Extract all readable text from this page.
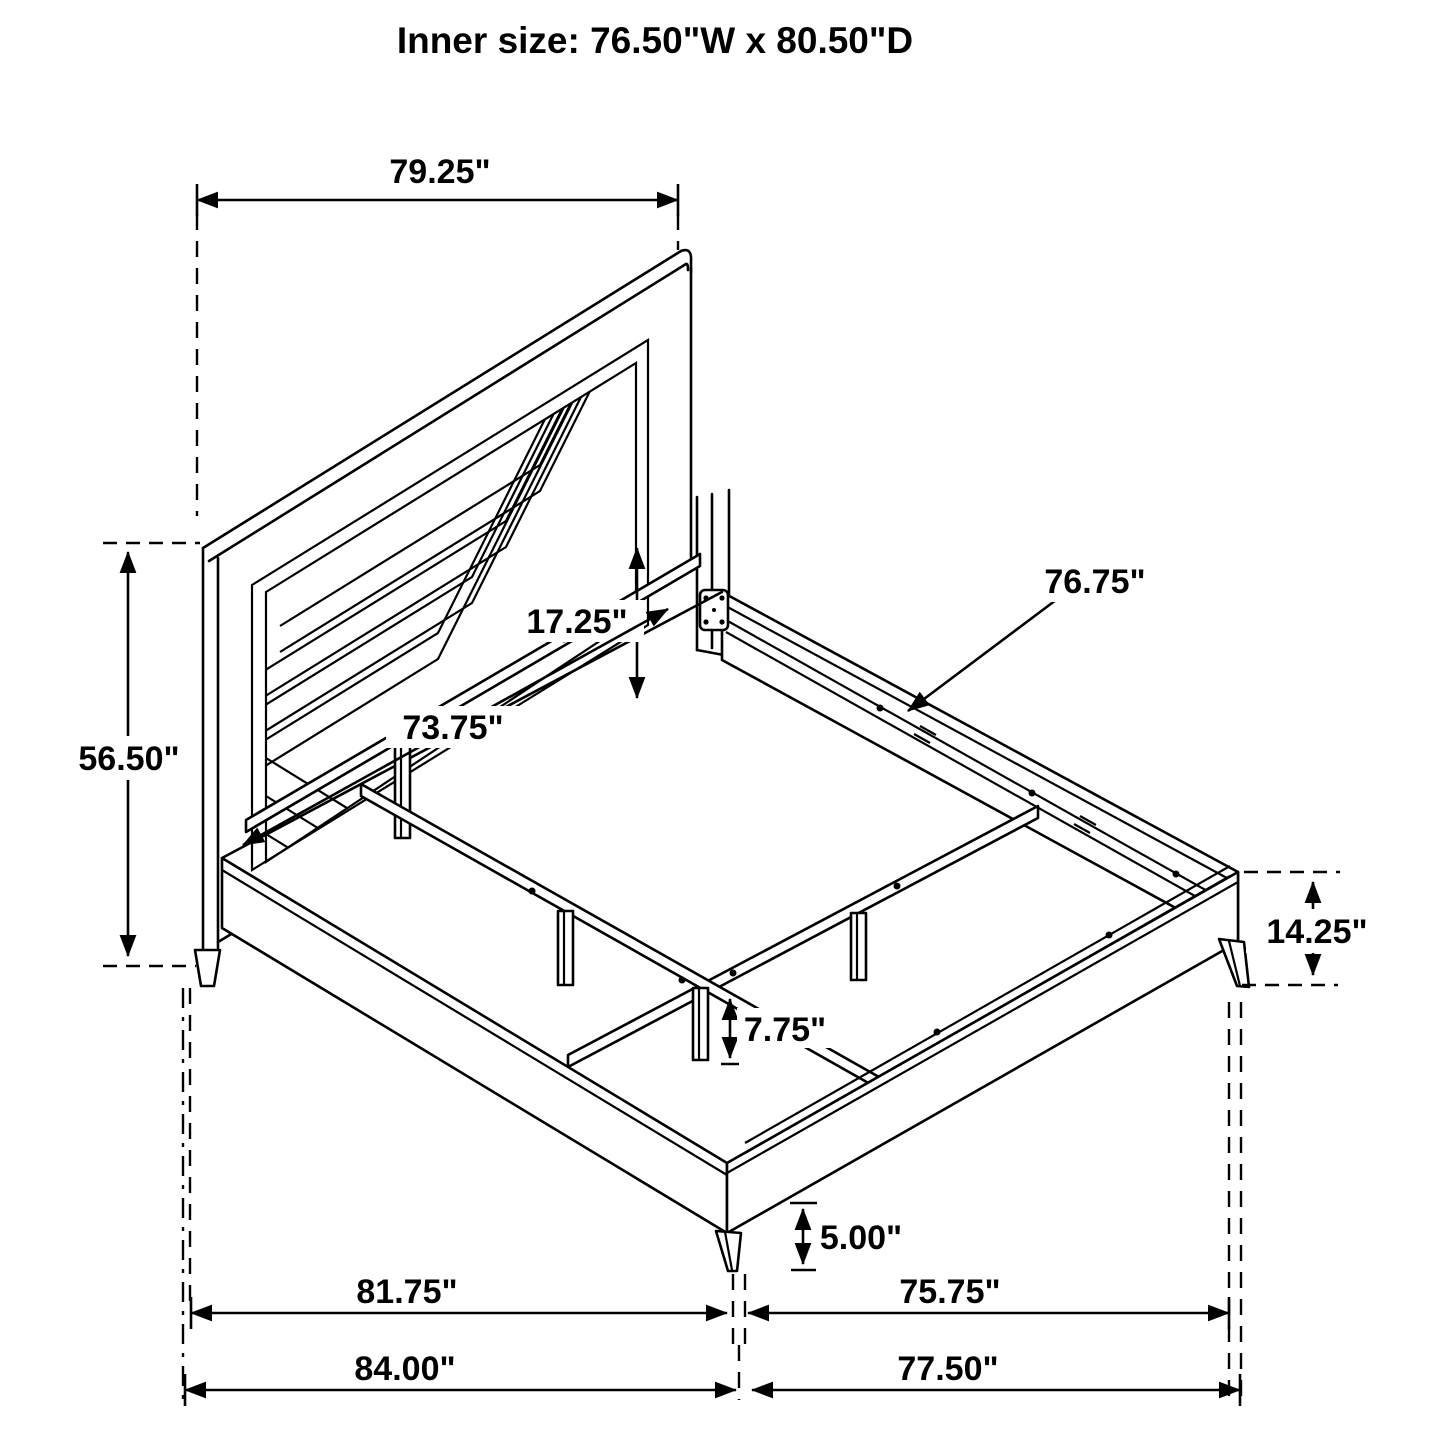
79.25"
56.50"
17.25"
73.75"
76.75"
14.25"
7.75"
5.00"
81.75"	75.75"
84.00"	77.50"
Inner size: 76.50"W x 80.50"D
